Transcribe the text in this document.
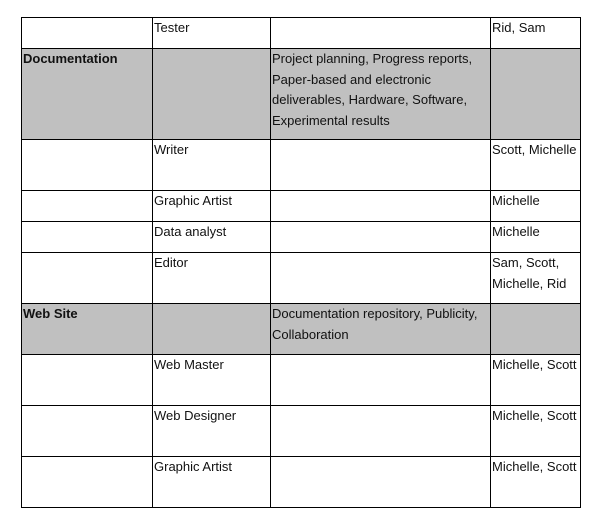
	Tester		Rid, Sam
Documentation		Project planning, Progress reports, Paper-based and electronic deliverables, Hardware, Software, Experimental results	
	Writer		Scott, Michelle
	Graphic Artist		Michelle
	Data analyst		Michelle
	Editor		Sam, Scott, Michelle, Rid
Web Site		Documentation repository, Publicity, Collaboration	
	Web Master		Michelle, Scott
	Web Designer		Michelle, Scott
	Graphic Artist		Michelle, Scott
